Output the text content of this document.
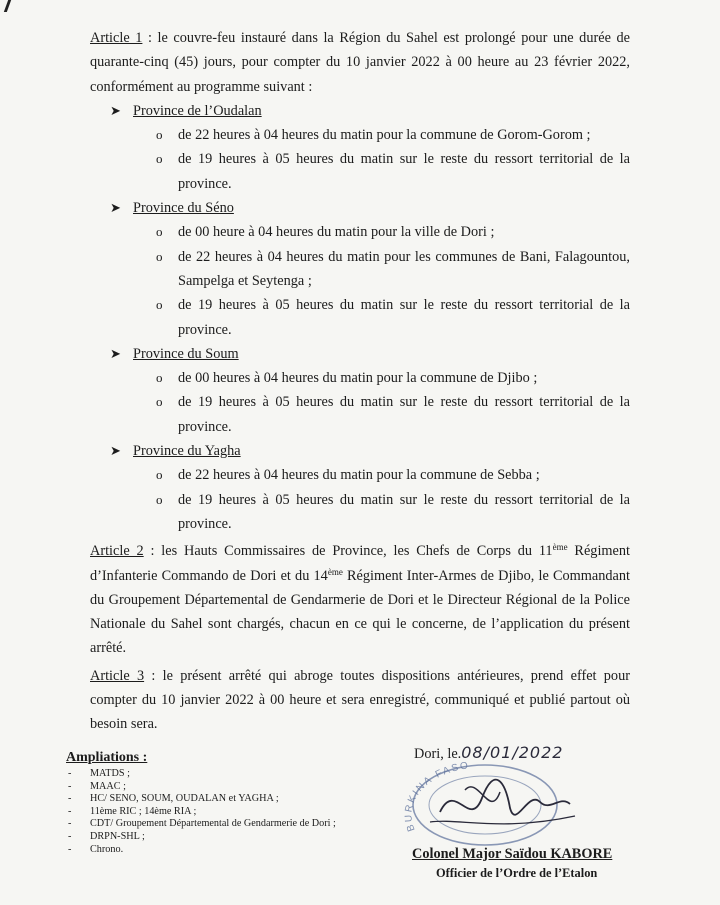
Article 1 : le couvre-feu instauré dans la Région du Sahel est prolongé pour une durée de quarante-cinq (45) jours, pour compter du 10 janvier 2022 à 00 heure au 23 février 2022, conformément au programme suivant :

➤ Province de l’Oudalan

o de 22 heures à 04 heures du matin pour la commune de Gorom-Gorom ;

o de 19 heures à 05 heures du matin sur le reste du ressort territorial de la province.

➤ Province du Séno

o de 00 heure à 04 heures du matin pour la ville de Dori ;

o de 22 heures à 04 heures du matin pour les communes de Bani, Falagountou, Sampelga et Seytenga ;

o de 19 heures à 05 heures du matin sur le reste du ressort territorial de la province.

➤ Province du Soum

o de 00 heures à 04 heures du matin pour la commune de Djibo ;

o de 19 heures à 05 heures du matin sur le reste du ressort territorial de la province.

➤ Province du Yagha

o de 22 heures à 04 heures du matin pour la commune de Sebba ;

o de 19 heures à 05 heures du matin sur le reste du ressort territorial de la province.

Article 2 : les Hauts Commissaires de Province, les Chefs de Corps du 11ème Régiment d’Infanterie Commando de Dori et du 14ème Régiment Inter-Armes de Djibo, le Commandant du Groupement Départemental de Gendarmerie de Dori et le Directeur Régional de la Police Nationale du Sahel sont chargés, chacun en ce qui le concerne, de l’application du présent arrêté.

Article 3 : le présent arrêté qui abroge toutes dispositions antérieures, prend effet pour compter du 10 janvier 2022 à 00 heure et sera enregistré, communiqué et publié partout où besoin sera.

Ampliations :

- MATDS ;
- MAAC ;
- HC/ SENO, SOUM, OUDALAN et YAGHA ;
- 11ème RIC ; 14ème RIA ;
- CDT/ Groupement Départemental de Gendarmerie de Dori ;
- DRPN-SHL ;
- Chrono.
Dori, le.08/01/2022
BURKINA FASO
Colonel Major Saïdou KABORE
Officier de l’Ordre de l’Etalon
